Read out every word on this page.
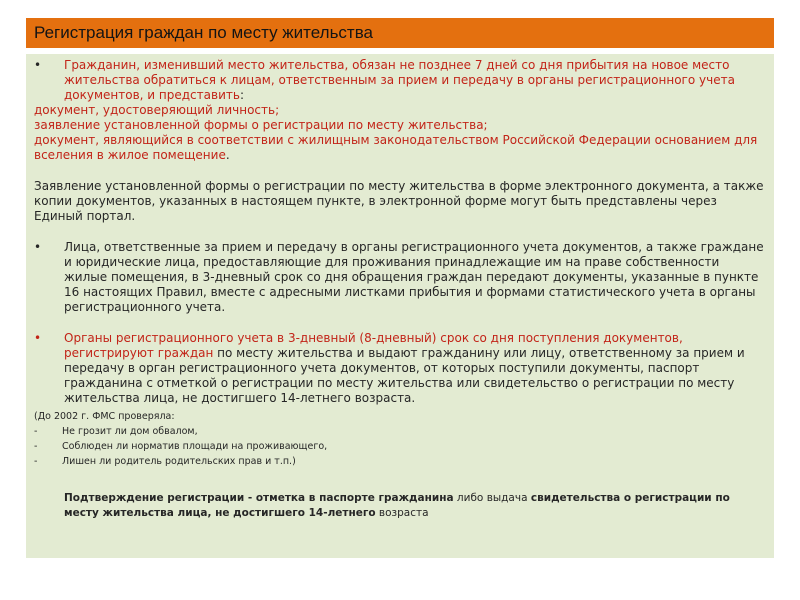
Регистрация граждан по месту жительства
•	Гражданин, изменивший место жительства, обязан не позднее 7 дней со дня прибытия на новое место жительства обратиться к лицам, ответственным за прием и передачу в органы регистрационного учета документов, и представить:
документ, удостоверяющий личность;
заявление установленной формы о регистрации по месту жительства;
документ, являющийся в соответствии с жилищным законодательством Российской Федерации основанием для вселения в жилое помещение.
Заявление установленной формы о регистрации по месту жительства в форме электронного документа, а также копии документов, указанных в настоящем пункте, в электронной форме могут быть представлены через Единый портал.
•	Лица, ответственные за прием и передачу в органы регистрационного учета документов, а также граждане и юридические лица, предоставляющие для проживания принадлежащие им на праве собственности жилые помещения, в 3-дневный срок со дня обращения граждан передают документы, указанные в пункте 16 настоящих Правил, вместе с адресными листками прибытия и формами статистического учета в органы регистрационного учета.
•	Органы регистрационного учета в 3-дневный (8-дневный) срок со дня поступления документов, регистрируют граждан по месту жительства и выдают гражданину или лицу, ответственному за прием и передачу в орган регистрационного учета документов, от которых поступили документы, паспорт гражданина с отметкой о регистрации по месту жительства или свидетельство о регистрации по месту жительства лица, не достигшего 14-летнего возраста.
(До 2002 г. ФМС проверяла:
-	Не грозит ли дом обвалом,
-	Соблюден ли норматив площади на проживающего,
-	Лишен ли родитель родительских прав и т.п.)
Подтверждение регистрации - отметка в паспорте гражданина либо выдача свидетельства о регистрации по месту жительства лица, не достигшего 14-летнего возраста
